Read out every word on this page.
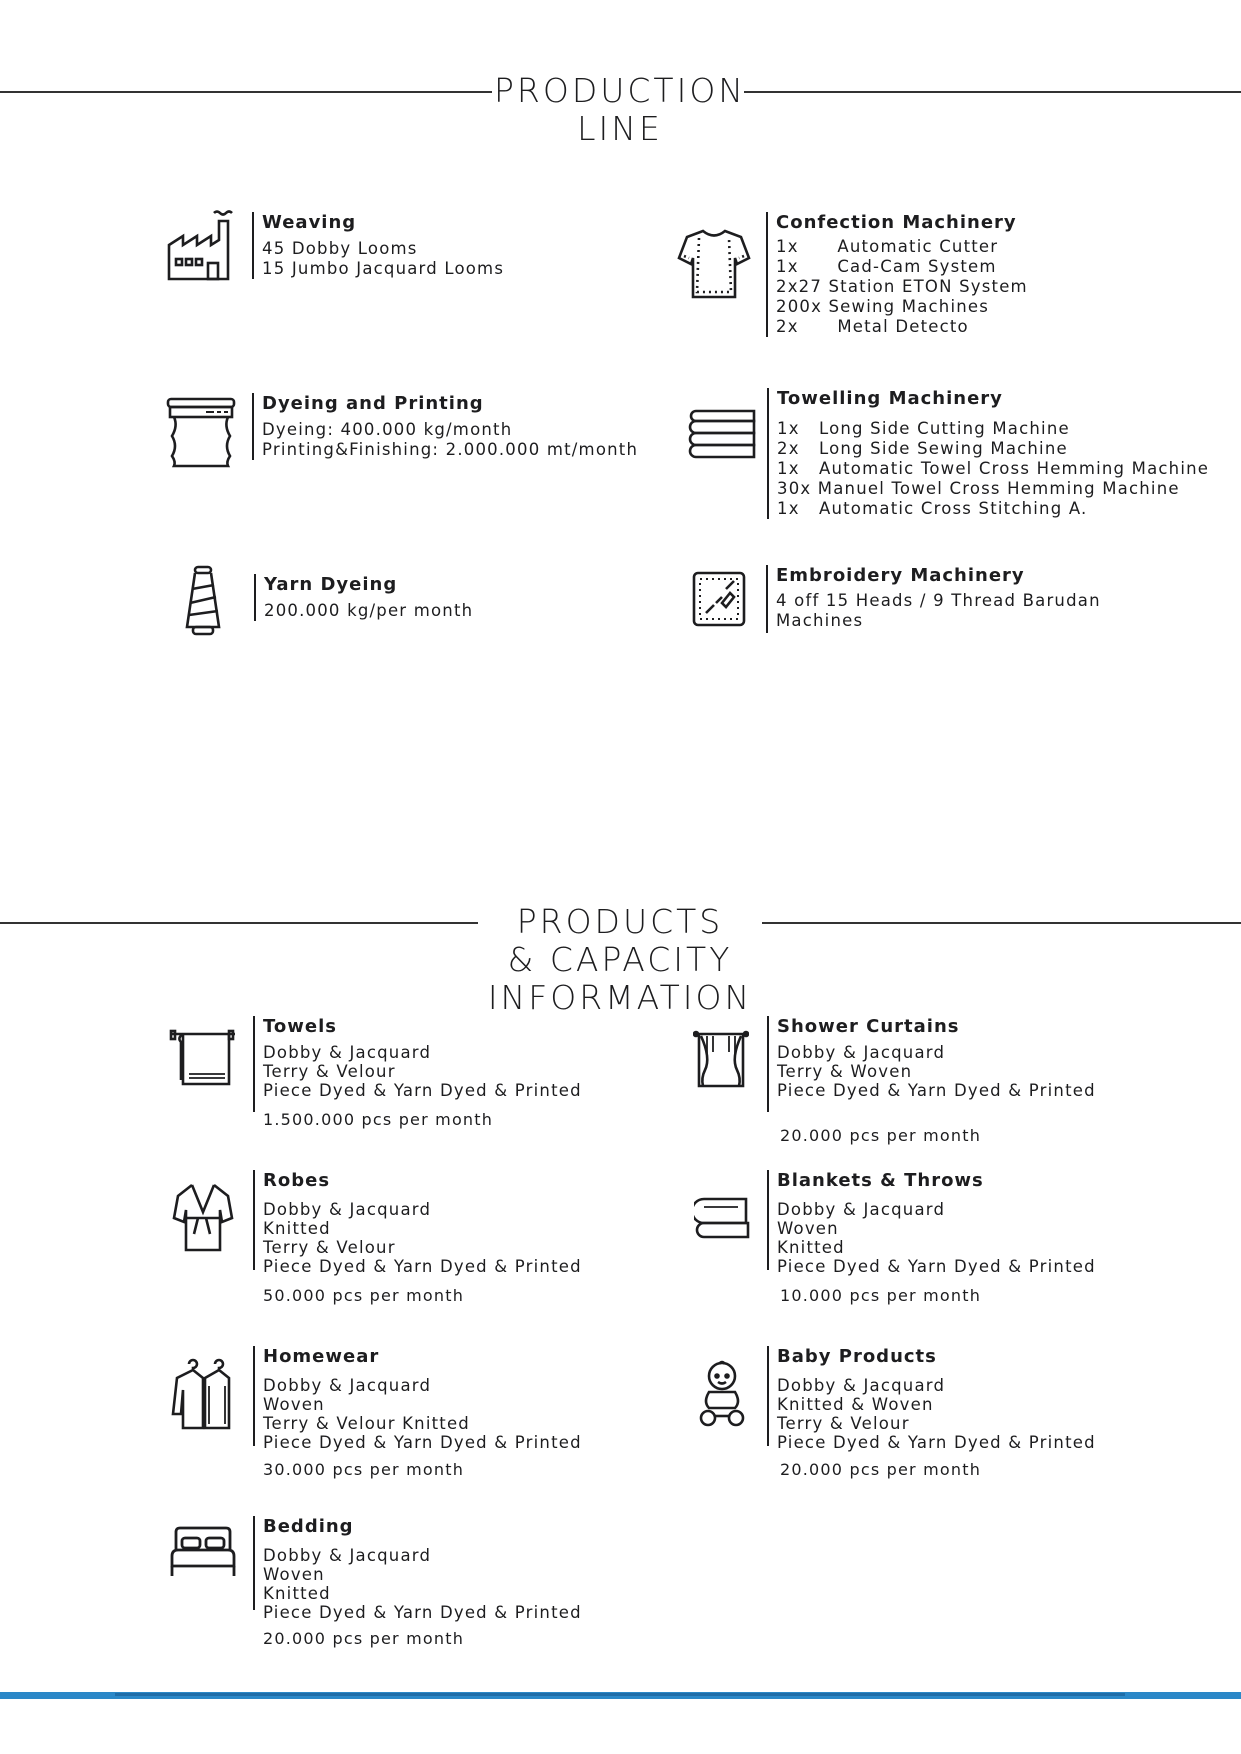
PRODUCTION
LINE
Weaving
45 Dobby Looms
15 Jumbo Jacquard Looms
Confection Machinery
1x      Automatic Cutter
1x      Cad-Cam System
2x27 Station ETON System
200x Sewing Machines
2x      Metal Detecto
Dyeing and Printing
Dyeing: 400.000 kg/month
Printing&Finishing: 2.000.000 mt/month
Towelling Machinery
1x   Long Side Cutting Machine
2x   Long Side Sewing Machine
1x   Automatic Towel Cross Hemming Machine
30x Manuel Towel Cross Hemming Machine
1x   Automatic Cross Stitching A.
Yarn Dyeing
200.000 kg/per month
Embroidery Machinery
4 off 15 Heads / 9 Thread Barudan
Machines
PRODUCTS
& CAPACITY INFORMATION
Towels
Dobby & Jacquard
Terry & Velour
Piece Dyed & Yarn Dyed & Printed
1.500.000 pcs per month
Shower Curtains
Dobby & Jacquard
Terry & Woven
Piece Dyed & Yarn Dyed & Printed
20.000 pcs per month
Robes
Dobby & Jacquard
Knitted
Terry & Velour
Piece Dyed & Yarn Dyed & Printed
50.000 pcs per month
Blankets & Throws
Dobby & Jacquard
Woven
Knitted
Piece Dyed & Yarn Dyed & Printed
10.000 pcs per month
Homewear
Dobby & Jacquard
Woven
Terry & Velour Knitted
Piece Dyed & Yarn Dyed & Printed
30.000 pcs per month
Baby Products
Dobby & Jacquard
Knitted & Woven
Terry & Velour
Piece Dyed & Yarn Dyed & Printed
20.000 pcs per month
Bedding
Dobby & Jacquard
Woven
Knitted
Piece Dyed & Yarn Dyed & Printed
20.000 pcs per month
